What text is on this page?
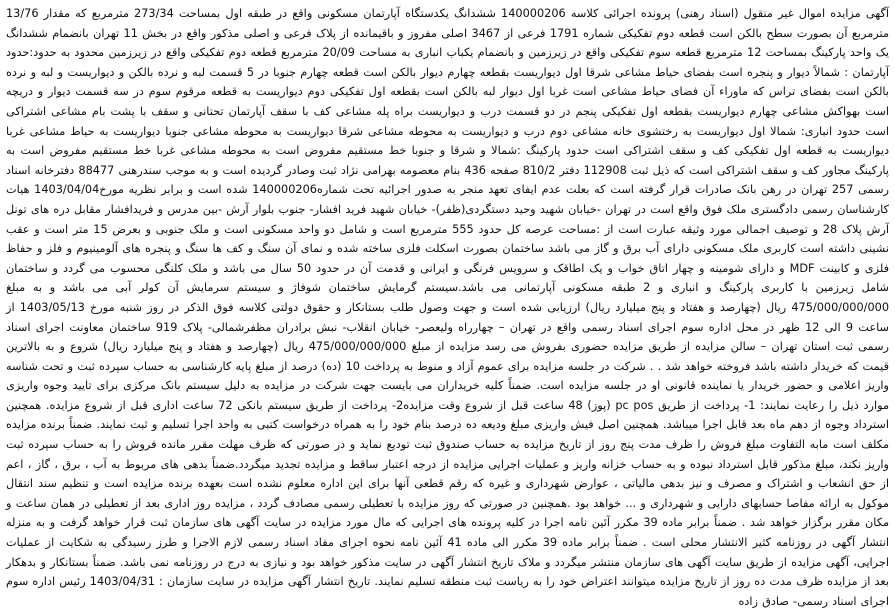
آگهی مزایده اموال غیر منقول (اسناد رهنی) پرونده اجرائی کلاسه 140000206 ششدانگ یکدستگاه آپارتمان مسکونی واقع در طبقه اول بمساحت 273/34 مترمربع که مقدار 13/76 مترمربع آن بصورت سطح بالکن است قطعه دوم تفکیکی شماره 1791 فرعی از 3467 اصلی مفروز و باقیمانده از پلاک فرعی و اصلی مذکور واقع در بخش 11 تهران بانضمام ششدانگ یک واحد پارکینگ بمساحت 12 مترمربع قطعه سوم تفکیکی واقع در زیرزمین و بانضمام یکباب انباری به مساحت 20/09 مترمربع قطعه دوم تفکیکی واقع در زیرزمین محدود به حدود:حدود آپارتمان : شمالاً دیوار و پنجره است بفضای حیاط مشاعی شرقا اول دیواریست بقطعه چهارم دیوار بالکن است قطعه چهارم جنوبا در 5 قسمت لبه و نرده بالکن و دیواریست و لبه و نرده بالکن است بفضای تراس که ماوراء آن فضای حیاط مشاعی است غربا اول دیوار لبه بالکن است بقطعه اول تفکیکی دوم دیواریست به قطعه مرقوم سوم در سه قسمت دیوار و دریچه است بهواکش مشاعی چهارم دیواریست بقطعه اول تفکیکی پنجم در دو قسمت درب و دیواریست براه پله مشاعی کف با سقف آپارتمان تحتانی و سقف با پشت بام مشاعی اشتراکی است حدود انباری: شمالا اول دیواریست به رختشوی خانه مشاعی دوم درب و دیواریست به محوطه مشاعی شرقا دیواریست به محوطه مشاعی جنوبا دیواریست به حیاط مشاعی غربا دیواریست به قطعه اول تفکیکی کف و سقف اشتراکی است حدود پارکینگ :شمالا و شرقا و جنوبا خط مستقیم مفروض است به محوطه مشاعی غربا خط مستقیم مفروض است به پارکینگ مجاور کف و سقف اشتراکی است که ذیل ثبت 112908 دفتر 810/2 صفحه 436 بنام معصومه بهرامی نژاد ثبت وصادر گردیده است و به موجب سندرهنی 88477 دفترخانه اسناد رسمی 257 تهران در رهن بانک صادرات قرار گرفته است که بعلت عدم ایفای تعهد منجر به صدور اجرائیه تحت شماره140000206 شده است و برابر نظریه مورخ1403/04/04 هیات کارشناسان رسمی دادگستری ملک فوق واقع است در تهران -خیابان شهید وحید دستگردی(ظفر)- خیابان شهید فرید افشار- جنوب بلوار آرش -بین مدرس و فریدافشار مقابل دره های تونل آرش پلاک 28 و توصیف اجمالی مورد وثیقه عبارت است از :مساحت عرصه کل حدود 555 مترمربع است و شامل دو واحد مسکونی است و ملک جنوبی و بعرض 15 متر است و عقب نشینی داشته است کاربری ملک مسکونی دارای آب برق و گاز می باشد ساختمان بصورت اسکلت فلزی ساخته شده و نمای آن سنگ و کف ها سنگ و پنجره های آلومینیوم و فلز و حفاظ فلزی و کابینت MDF و دارای شومینه و چهار اتاق خواب و یک اطاقک و سرویس فرنگی و ایرانی و قدمت آن در حدود 50 سال می باشد و ملک کلنگی محسوب می گردد و ساختمان شامل زیرزمین با کاربری پارکینگ و انباری و 2 طبقه مسکونی آپارتمانی می باشد.سیستم گرمایش ساختمان شوفاژ و سیستم سرمایش آن کولر آبی می باشد و به مبلغ 475/000/000/000 ریال (چهارصد و هفتاد و پنج میلیارد ریال) ارزیابی شده است و جهت وصول طلب بستانکار و حقوق دولتی کلاسه فوق الذکر در روز شنبه مورخ 1403/05/13 از ساعت 9 الی 12 ظهر در محل اداره سوم اجرای اسناد رسمی واقع در تهران – چهارراه ولیعصر- خیابان انقلاب- نبش برادران مظفرشمالی- پلاک 919 ساختمان معاونت اجرای اسناد رسمی ثبت استان تهران – سالن مزایده از طریق مزایده حضوری بفروش می رسد مزایده از مبلغ 475/000/000/000 ریال (چهارصد و هفتاد و پنج میلیارد ریال) شروع و به بالاترین قیمت که خریدار داشته باشد فروخته خواهد شد . . شرکت در جلسه مزایده برای عموم آزاد و منوط به پرداخت 10 (ده) درصد از مبلغ پایه کارشناسی به حساب سپرده ثبت و تحت شناسه واریز اعلامی و حضور خریدار یا نماینده قانونی او در جلسه مزایده است. ضمناً کلیه خریداران می بایست جهت شرکت در مزایده به دلیل سیستم بانک مرکزی برای تایید وجوه واریزی موارد ذیل را رعایت نمایند: 1- پرداخت از طریق pc pos (پوز) 48 ساعت قبل از شروع وقت مزایده2- پرداخت از طریق سیستم بانکی 72 ساعت اداری قبل از شروع مزایده. همچنین استرداد وجوه از دهم ماه بعد قابل اجرا میباشد. همچنین اصل فیش واریزی مبلغ ودیعه ده درصد بنام خود را به همراه درخواست کتبی به واحد اجرا تسلیم و ثبت نمایند. ضمناً برنده مزایده مکلف است مابه التفاوت مبلغ فروش را ظرف مدت پنج روز از تاریخ مزایده به حساب صندوق ثبت تودیع نماید و در صورتی که ظرف مهلت مقرر مانده فروش را به حساب سپرده ثبت واریز نکند، مبلغ مذکور قابل استرداد نبوده و به حساب خزانه واریز و عملیات اجرایی مزایده از درجه اعتبار ساقط و مزایده تجدید میگردد.ضمناً بدهی های مربوط به آب ، برق ، گاز ، اعم از حق انشعاب و اشتراک و مصرف و نیز بدهی مالیاتی ، عوارض شهرداری و غیره که رقم قطعی آنها برای این اداره معلوم نشده است بعهده برنده مزایده است و تنظیم سند انتقال موکول به ارائه مفاصا حسابهای دارایی و شهرداری و ... خواهد بود .همچنین در صورتی که روز مزایده با تعطیلی رسمی مصادف گردد ، مزایده روز اداری بعد از تعطیلی در همان ساعت و مکان مقرر برگزار خواهد شد . ضمناً برابر ماده 39 مکرر آئین نامه اجرا در کلیه پرونده های اجرایی که مال مورد مزایده در سایت آگهی های سازمان ثبت قرار خواهد گرفت و به منزله انتشار آگهی در روزنامه کثیر الانتشار محلی است . ضمناً برابر ماده 39 مکرر الی ماده 41 آئین نامه نحوه اجرای مفاد اسناد رسمی لازم الاجرا و طرز رسیدگی به شکایت از عملیات اجرایی، آگهی مزایده از طریق سایت آگهی های سازمان منتشر میگردد و ملاک تاریخ انتشار آگهی در سایت مذکور خواهد بود و نیازی به درج در روزنامه نمی باشد. ضمناً بستانکار و بدهکار بعد از مزایده ظرف مدت ده روز از تاریخ مزایده میتوانند اعتراض خود را به ریاست ثبت منطقه تسلیم نمایند. تاریخ انتشار آگهی مزایده در سایت سازمان : 1403/04/31 رئیس اداره سوم اجرای اسناد رسمی- صادق زاده
